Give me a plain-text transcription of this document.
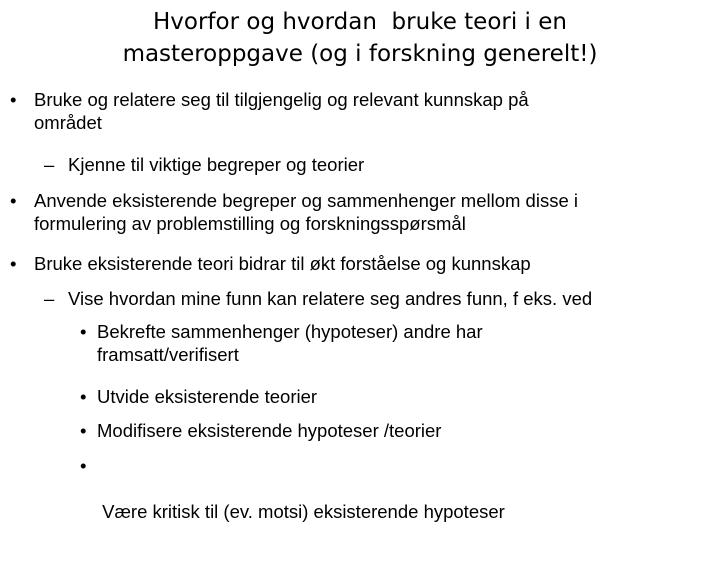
Hvorfor og hvordan  bruke teori i en
masteroppgave (og i forskning generelt!)
• Bruke og relatere seg til tilgjengelig og relevant kunnskap på
området
– Kjenne til viktige begreper og teorier
• Anvende eksisterende begreper og sammenhenger mellom disse i
formulering av problemstilling og forskningsspørsmål
• Bruke eksisterende teori bidrar til økt forståelse og kunnskap
– Vise hvordan mine funn kan relatere seg andres funn, f eks. ved
• Bekrefte sammenhenger (hypoteser) andre har
framsatt/verifisert
• Utvide eksisterende teorier
• Modifisere eksisterende hypoteser /teorier
•

Være kritisk til (ev. motsi) eksisterende hypoteser
